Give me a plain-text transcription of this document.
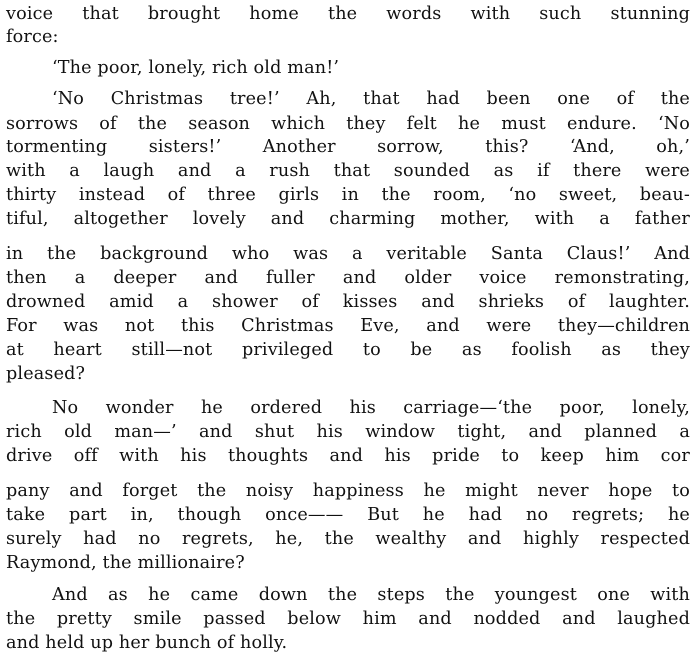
voice that brought home the words with such stunning
force:
‘The poor, lonely, rich old man!’
‘No Christmas tree!’ Ah, that had been one of the
sorrows of the season which they felt he must endure. ‘No
tormenting sisters!’ Another sorrow, this? ‘And, oh,’
with a laugh and a rush that sounded as if there were
thirty instead of three girls in the room, ‘no sweet, beau-
tiful, altogether lovely and charming mother, with a father
in the background who was a veritable Santa Claus!’ And
then a deeper and fuller and older voice remonstrating,
drowned amid a shower of kisses and shrieks of laughter.
For was not this Christmas Eve, and were they—children
at heart still—not privileged to be as foolish as they
pleased?
No wonder he ordered his carriage—‘the poor, lonely,
rich old man—’ and shut his window tight, and planned a
drive off with his thoughts and his pride to keep him cor
pany and forget the noisy happiness he might never hope to
take part in, though once—— But he had no regrets; he
surely had no regrets, he, the wealthy and highly respected
Raymond, the millionaire?
And as he came down the steps the youngest one with
the pretty smile passed below him and nodded and laughed
and held up her bunch of holly.
